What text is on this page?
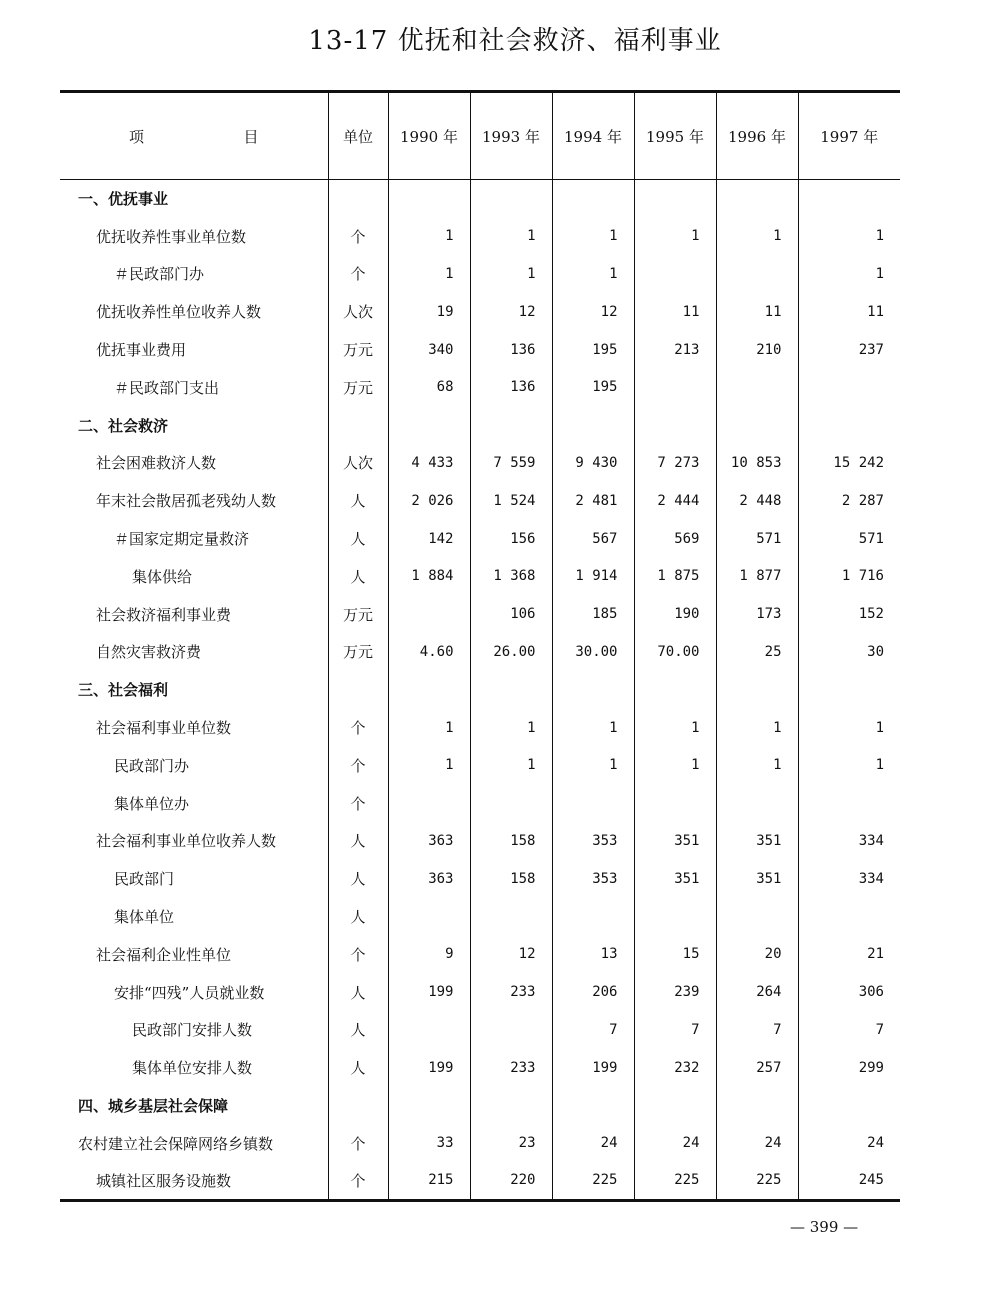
13-17 优抚和社会救济、福利事业
项 目	单位	1990 年	1993 年	1994 年	1995 年	1996 年	1997 年
一、优抚事业							
优抚收养性事业单位数	个	1	1	1	1	1	1
＃民政部门办	个	1	1	1			1
优抚收养性单位收养人数	人次	19	12	12	11	11	11
优抚事业费用	万元	340	136	195	213	210	237
＃民政部门支出	万元	68	136	195			
二、社会救济							
社会困难救济人数	人次	4 433	7 559	9 430	7 273	10 853	15 242
年末社会散居孤老残幼人数	人	2 026	1 524	2 481	2 444	2 448	2 287
＃国家定期定量救济	人	142	156	567	569	571	571
集体供给	人	1 884	1 368	1 914	1 875	1 877	1 716
社会救济福利事业费	万元		106	185	190	173	152
自然灾害救济费	万元	4.60	26.00	30.00	70.00	25	30
三、社会福利							
社会福利事业单位数	个	1	1	1	1	1	1
民政部门办	个	1	1	1	1	1	1
集体单位办	个						
社会福利事业单位收养人数	人	363	158	353	351	351	334
民政部门	人	363	158	353	351	351	334
集体单位	人						
社会福利企业性单位	个	9	12	13	15	20	21
安排“四残”人员就业数	人	199	233	206	239	264	306
民政部门安排人数	人			7	7	7	7
集体单位安排人数	人	199	233	199	232	257	299
四、城乡基层社会保障							
农村建立社会保障网络乡镇数	个	33	23	24	24	24	24
城镇社区服务设施数	个	215	220	225	225	225	245
— 399 —
